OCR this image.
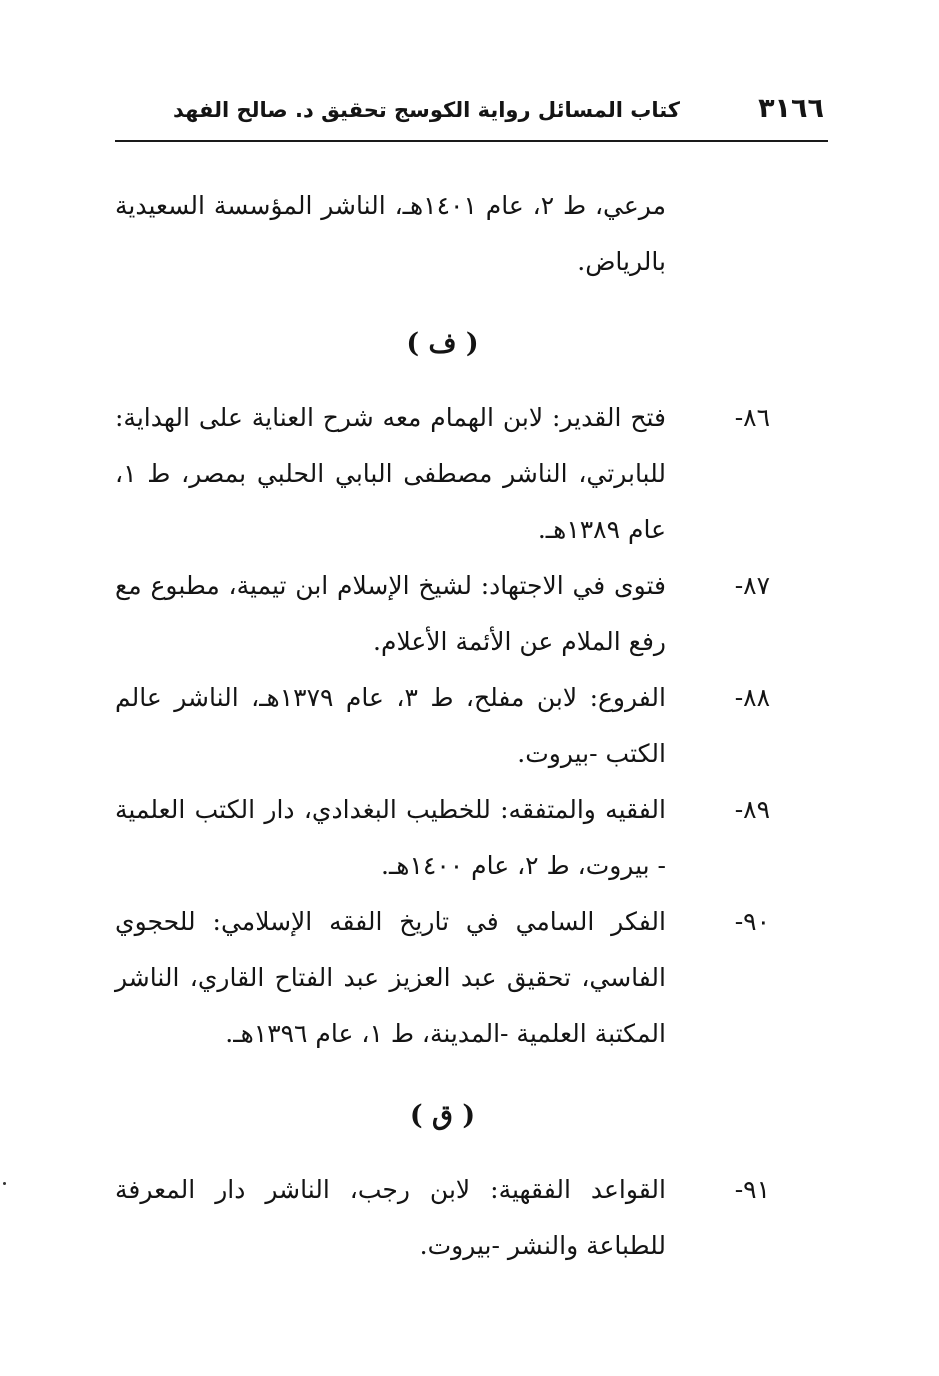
٣١٦٦
كتاب المسائل رواية الكوسج تحقيق د. صالح الفهد

مرعي، ط ٢، عام ١٤٠١هـ، الناشر المؤسسة السعيدية بالرياض.

( ف )
٨٦-
فتح القدير: لابن الهمام معه شرح العناية على الهداية: للبابرتي، الناشر مصطفى البابي الحلبي بمصر، ط ١، عام ١٣٨٩هـ.
٨٧-
فتوى في الاجتهاد: لشيخ الإسلام ابن تيمية، مطبوع مع رفع الملام عن الأئمة الأعلام.
٨٨-
الفروع: لابن مفلح، ط ٣، عام ١٣٧٩هـ، الناشر عالم الكتب -بيروت.
٨٩-
الفقيه والمتفقه: للخطيب البغدادي، دار الكتب العلمية - بيروت، ط ٢، عام ١٤٠٠هـ.
٩٠-
الفكر السامي في تاريخ الفقه الإسلامي: للحجوي الفاسي، تحقيق عبد العزيز عبد الفتاح القاري، الناشر المكتبة العلمية -المدينة، ط ١، عام ١٣٩٦هـ.
( ق )
٩١-
القواعد الفقهية: لابن رجب، الناشر دار المعرفة للطباعة والنشر -بيروت.
